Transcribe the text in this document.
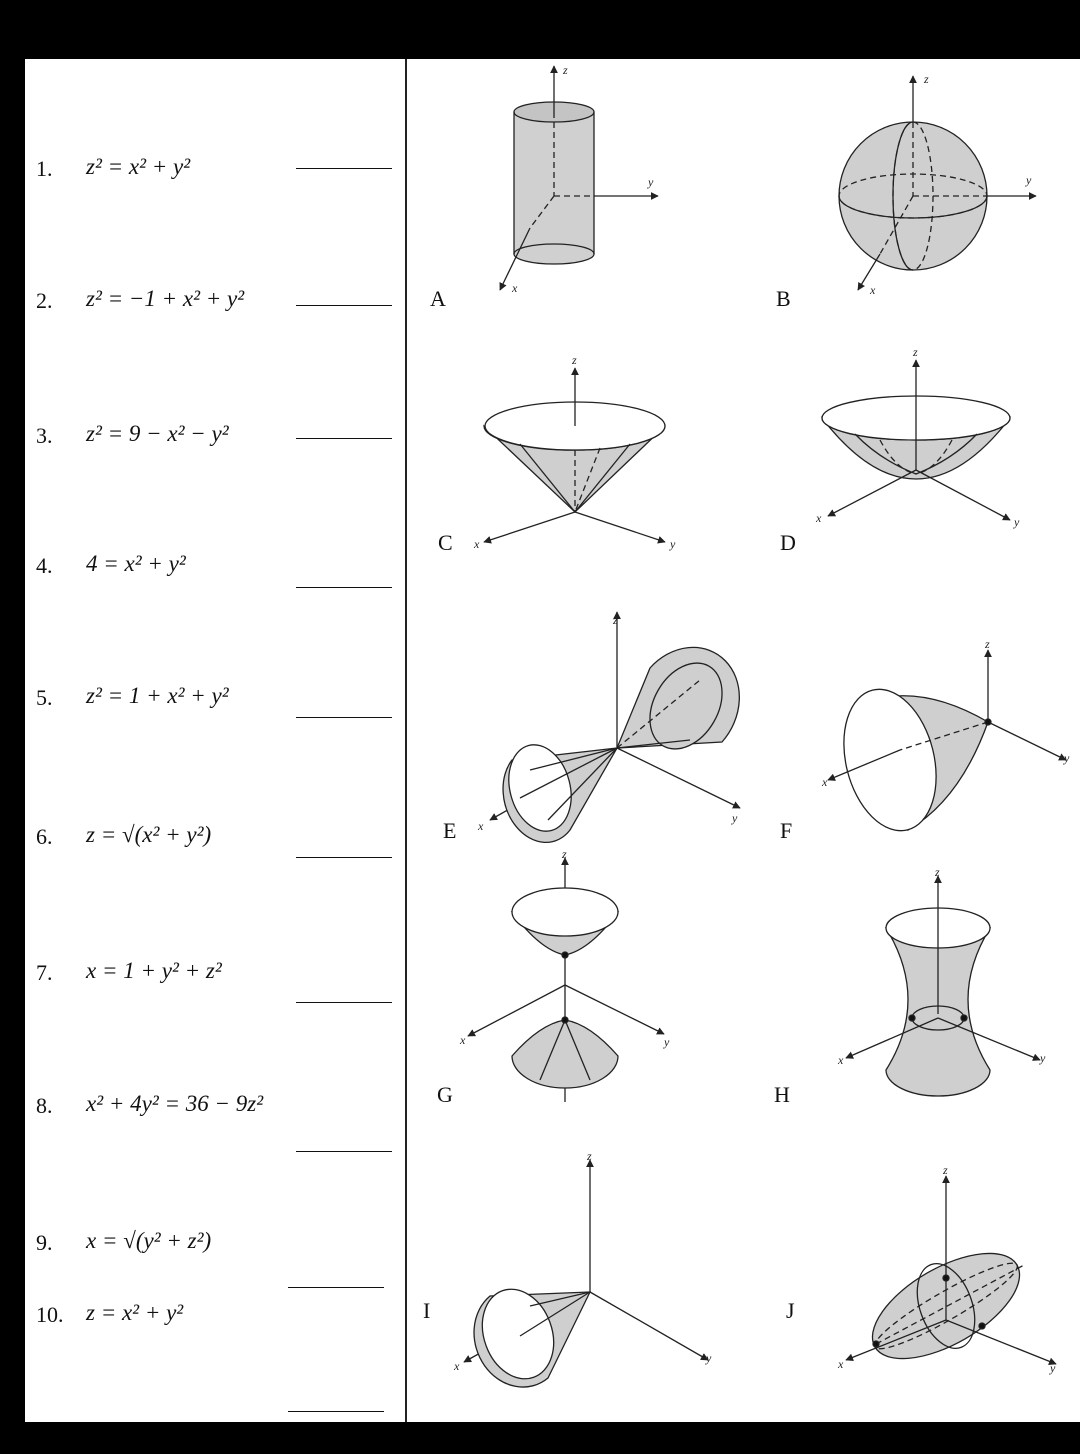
1. z² = x² + y²
2. z² = −1 + x² + y²
3. z² = 9 − x² − y²
4. 4 = x² + y²
5. z² = 1 + x² + y²
6. z = √(x² + y²)
7. x = 1 + y² + z²
8. x² + 4y² = 36 − 9z²
9. x = √(y² + z²)
10. z = x² + y²
A	B
C	D
E	F
G	H
I	J
z
y
x
z
y
x
z
x	y
z
x	y
z
x
y
z
x
y
z
x	y
z
x	y
z
x
y
z
x	y
